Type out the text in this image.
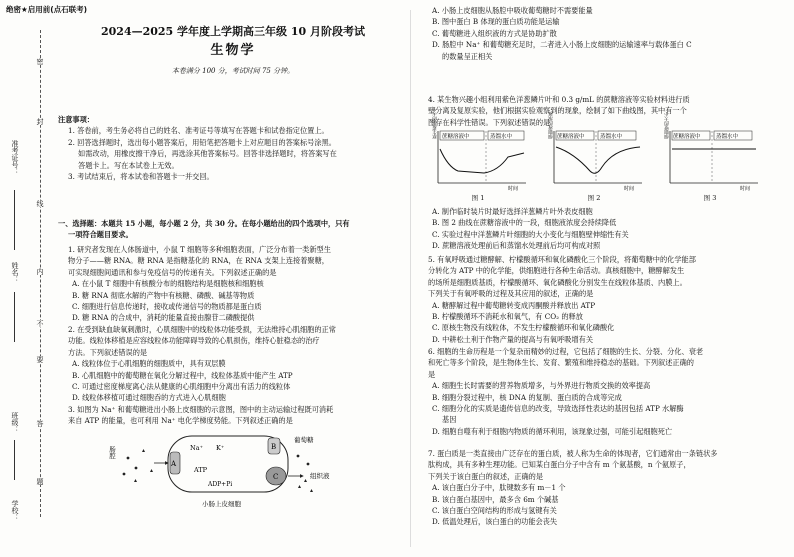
准考证号：
姓名：
班级：
学校：
密
封
线
内
不
要
答
题
绝密★启用前(点石联考)
2024—2025 学年度上学期高三年级 10 月阶段考试
生物学
本卷满分 100 分，考试时间 75 分钟。
注意事项：
1. 答卷前，考生务必将自己的姓名、准考证号等填写在答题卡和试卷指定位置上。
2. 回答选择题时，选出每小题答案后，用铅笔把答题卡上对应题目的答案标号涂黑。
如需改动，用橡皮擦干净后，再选涂其他答案标号。回答非选择题时，将答案写在
答题卡上。写在本试卷上无效。
3. 考试结束后，将本试卷和答题卡一并交回。
一、选择题：本题共 15 小题，每小题 2 分，共 30 分。在每小题给出的四个选项中，只有
一项符合题目要求。
1. 研究者发现在人体肠道中，小鼠 T 细胞等多种细胞表面，广泛分布着一类新型生
物分子——糖 RNA。糖 RNA 是指糖基化的 RNA，在 RNA 支架上连接着聚糖，
可实现细胞间通讯和参与免疫信号的传递有关。下列叙述正确的是
A. 在小鼠 T 细胞中有核酸分布的细胞结构是细胞核和细胞核
B. 糖 RNA 彻底水解的产物中有核糖、磷酸、碱基等物质
C. 细胞进行信息传递时，接收或传递信号的物质都是蛋白质
D. 糖 RNA 的合成中，消耗的能量直接由腺苷二磷酸提供
2. 在受到缺血缺氧刺激时，心肌细胞中的线粒体功能受损，无法维持心肌细胞的正常
功能。线粒体移植是应容线粒体功能障碍导致的心肌损伤，维持心脏稳态的治疗
方法。下列叙述错误的是
A. 线粒体位于心肌细胞的细胞质中，具有双层膜
B. 心肌细胞中的葡萄糖在氧化分解过程中，线粒体基质中能产生 ATP
C. 可通过密度梯度离心法从健康的心肌细胞中分离出有活力的线粒体
D. 线粒体移植可通过细胞吞的方式进入心肌细胞
3. 如图为 Na⁺ 和葡萄糖进出小肠上皮细胞的示意图，图中的主动运输过程既可消耗
来自 ATP 的能量，也可利用 Na⁺ 电化学梯度势能。下列叙述正确的是
A
B
C
Na⁺ K⁺
ATP
ADP+Pi
葡萄糖
肠腔
组织液
小肠上皮细胞
A. 小肠上皮细胞从肠腔中吸收葡萄糖时不需要能量
B. 图中蛋白 B 体现的蛋白质功能是运输
C. 葡萄糖进入组织液的方式是协助扩散
D. 肠腔中 Na⁺ 和葡萄糖充足时，二者进入小肠上皮细胞的运输速率与载体蛋白 C
的数量呈正相关
4. 某生物兴趣小组利用紫色洋葱鳞片叶和 0.3 g/mL 的蔗糖溶液等实验材料进行质
壁分离及复原实验，他们根据实验观察到的现象，绘制了如下曲线图，其中有一个
图存在科学性错误。下列叙述错误的是
蔗糖溶液中	蒸馏水中
时间
原生质层的大小	蔗糖溶液中	蒸馏水中
时间
细胞液的浓度	蔗糖溶液中	蒸馏水中
时间
细胞壁的大小
图 1	图 2	图 3
A. 制作临时装片时最好选择洋葱鳞片叶外表皮细胞
B. 图 2 曲线在蔗糖溶液中的一段，细胞液浓度会持续降低
C. 实验过程中洋葱鳞片叶细胞的大小变化与细胞壁伸缩性有关
D. 蔗糖溶液处理前后和蒸馏水处理前后均可构成对照
5. 有氧呼吸通过糖酵解、柠檬酸循环和氧化磷酸化三个阶段，将葡萄糖中的化学能部
分转化为 ATP 中的化学能，供细胞进行各种生命活动。真核细胞中，糖酵解发生
的场所是细胞质基质，柠檬酸循环、氧化磷酸化分别发生在线粒体基质、内膜上。
下列关于有氧呼吸的过程及其应用的叙述，正确的是
A. 糖酵解过程中葡萄糖转变成丙酮酸并释放出 ATP
B. 柠檬酸循环不消耗水和氧气，有 CO₂ 的释放
C. 原核生物没有线粒体，不发生柠檬酸循环和氧化磷酸化
D. 中耕松土利于作物产量的提高与有氧呼吸增有关
6. 细胞的生命历程是一个复杂而精妙的过程，它包括了细胞的生长、分裂、分化、衰老
和死亡等多个阶段，是生物体生长、发育、繁殖和维持稳态的基础。下列叙述正确的
是
A. 细胞生长时需要的营养物质增多，与外界进行物质交换的效率提高
B. 细胞分裂过程中，核 DNA 的复制、蛋白质的合成等完成
C. 细胞分化的实质是遗传信息的改变，导致选择性表达的基因包括 ATP 水解酶
基因
D. 细胞自噬有利于细胞内物质的循环利用，该现象过强，可能引起细胞死亡
7. 蛋白质是一类直接由广泛存在的蛋白质，被人称为生命的体现者，它们通常由一条链状多
肽构成，具有多种生理功能。已知某白蛋白分子中含有 m 个氨基酸，n 个氨原子，
下列关于该白蛋白的叙述，正确的是
A. 该白蛋白分子中，肽键数多有 m－1 个
B. 该白蛋白基因中，最多含 6m 个碱基
C. 该白蛋白空间结构的形成与氢键有关
D. 低温处理后，该白蛋白的功能会丧失
